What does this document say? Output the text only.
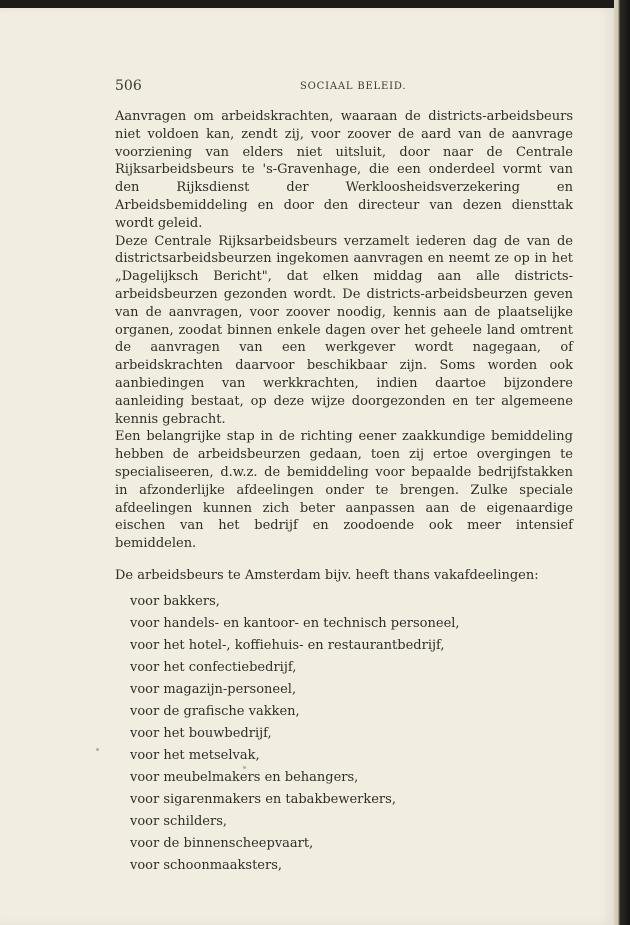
506	SOCIAAL BELEID.

Aanvragen om arbeidskrachten, waaraan de districts-arbeidsbeurs niet voldoen kan, zendt zij, voor zoover de aard van de aanvrage voorziening van elders niet uitsluit, door naar de Centrale Rijksarbeidsbeurs te 's-Gravenhage, die een onderdeel vormt van den Rijksdienst der Werkloosheidsverzekering en Arbeidsbemiddeling en door den directeur van dezen diensttak wordt geleid.

Deze Centrale Rijksarbeidsbeurs verzamelt iederen dag de van de districtsarbeidsbeurzen ingekomen aanvragen en neemt ze op in het „Dagelijksch Bericht", dat elken middag aan alle districts-arbeidsbeurzen gezonden wordt. De districts-arbeidsbeurzen geven van de aanvragen, voor zoover noodig, kennis aan de plaatselijke organen, zoodat binnen enkele dagen over het geheele land omtrent de aanvragen van een werkgever wordt nagegaan, of arbeidskrachten daarvoor beschikbaar zijn. Soms worden ook aanbiedingen van werkkrachten, indien daartoe bijzondere aanleiding bestaat, op deze wijze doorgezonden en ter algemeene kennis gebracht.

Een belangrijke stap in de richting eener zaakkundige bemiddeling hebben de arbeidsbeurzen gedaan, toen zij ertoe overgingen te specialiseeren, d.w.z. de bemiddeling voor bepaalde bedrijfstakken in afzonderlijke afdeelingen onder te brengen. Zulke speciale afdeelingen kunnen zich beter aanpassen aan de eigenaardige eischen van het bedrijf en zoodoende ook meer intensief bemiddelen.

De arbeidsbeurs te Amsterdam bijv. heeft thans vakafdeelingen:

voor bakkers,
voor handels- en kantoor- en technisch personeel,
voor het hotel-, koffiehuis- en restaurantbedrijf,
voor het confectiebedrijf,
voor magazijn-personeel,
voor de grafische vakken,
voor het bouwbedrijf,
voor het metselvak,
voor meubelmakers en behangers,
voor sigarenmakers en tabakbewerkers,
voor schilders,
voor de binnenscheepvaart,
voor schoonmaaksters,
